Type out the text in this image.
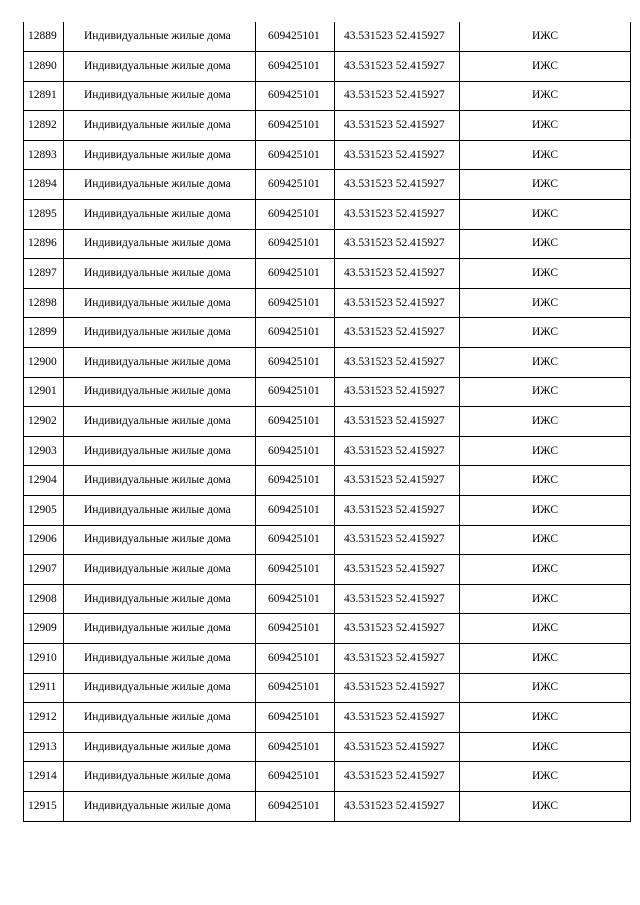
12889	Индивидуальные жилые дома	609425101	43.531523 52.415927	ИЖС
12890	Индивидуальные жилые дома	609425101	43.531523 52.415927	ИЖС
12891	Индивидуальные жилые дома	609425101	43.531523 52.415927	ИЖС
12892	Индивидуальные жилые дома	609425101	43.531523 52.415927	ИЖС
12893	Индивидуальные жилые дома	609425101	43.531523 52.415927	ИЖС
12894	Индивидуальные жилые дома	609425101	43.531523 52.415927	ИЖС
12895	Индивидуальные жилые дома	609425101	43.531523 52.415927	ИЖС
12896	Индивидуальные жилые дома	609425101	43.531523 52.415927	ИЖС
12897	Индивидуальные жилые дома	609425101	43.531523 52.415927	ИЖС
12898	Индивидуальные жилые дома	609425101	43.531523 52.415927	ИЖС
12899	Индивидуальные жилые дома	609425101	43.531523 52.415927	ИЖС
12900	Индивидуальные жилые дома	609425101	43.531523 52.415927	ИЖС
12901	Индивидуальные жилые дома	609425101	43.531523 52.415927	ИЖС
12902	Индивидуальные жилые дома	609425101	43.531523 52.415927	ИЖС
12903	Индивидуальные жилые дома	609425101	43.531523 52.415927	ИЖС
12904	Индивидуальные жилые дома	609425101	43.531523 52.415927	ИЖС
12905	Индивидуальные жилые дома	609425101	43.531523 52.415927	ИЖС
12906	Индивидуальные жилые дома	609425101	43.531523 52.415927	ИЖС
12907	Индивидуальные жилые дома	609425101	43.531523 52.415927	ИЖС
12908	Индивидуальные жилые дома	609425101	43.531523 52.415927	ИЖС
12909	Индивидуальные жилые дома	609425101	43.531523 52.415927	ИЖС
12910	Индивидуальные жилые дома	609425101	43.531523 52.415927	ИЖС
12911	Индивидуальные жилые дома	609425101	43.531523 52.415927	ИЖС
12912	Индивидуальные жилые дома	609425101	43.531523 52.415927	ИЖС
12913	Индивидуальные жилые дома	609425101	43.531523 52.415927	ИЖС
12914	Индивидуальные жилые дома	609425101	43.531523 52.415927	ИЖС
12915	Индивидуальные жилые дома	609425101	43.531523 52.415927	ИЖС
